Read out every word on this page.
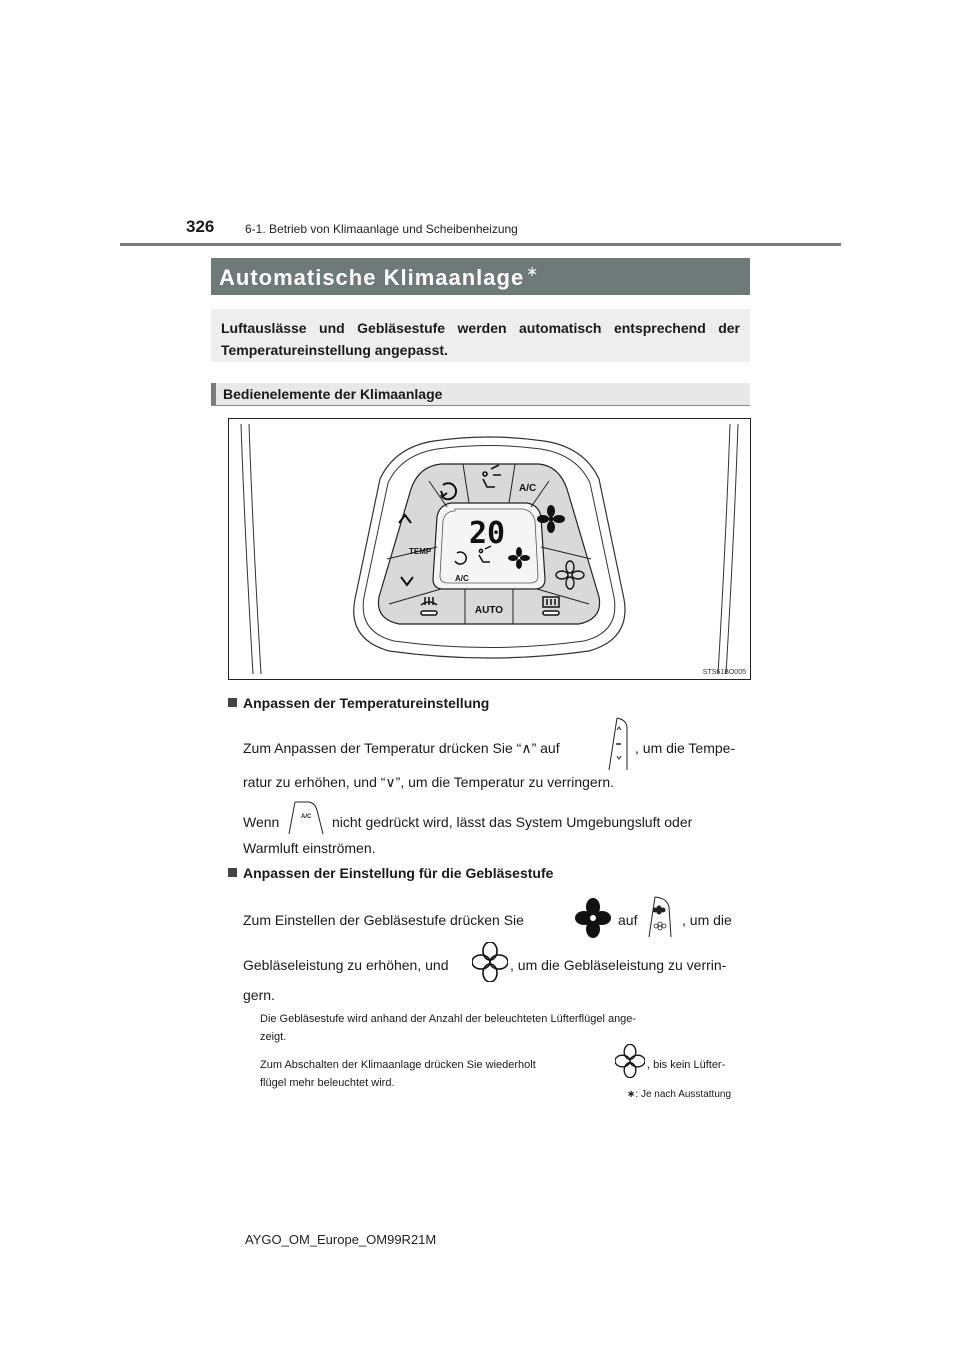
326	6-1. Betrieb von Klimaanlage und Scheibenheizung
Automatische Klimaanlage ∗

Luftauslässe und Gebläsestufe werden automatisch entsprechend der Temperatureinstellung angepasst.

Bedienelemente der Klimaanlage
20
TEMP
A/C
AUTO
A/C
STS61BO005
Anpassen der Temperatureinstellung
Zum Anpassen der Temperatur drücken Sie “∧” auf	, um die Tempe-
ratur zu erhöhen, und “∨”, um die Temperatur zu verringern.
Wenn	A/C nicht gedrückt wird, lässt das System Umgebungsluft oder
Warmluft einströmen.
Anpassen der Einstellung für die Gebläsestufe
Zum Einstellen der Gebläsestufe drücken Sie	auf	, um die
Gebläseleistung zu erhöhen, und	, um die Gebläseleistung zu verrin-
gern.
Die Gebläsestufe wird anhand der Anzahl der beleuchteten Lüfterflügel ange-
zeigt.
Zum Abschalten der Klimaanlage drücken Sie wiederholt	, bis kein Lüfter-
flügel mehr beleuchtet wird.
∗: Je nach Ausstattung
AYGO_OM_Europe_OM99R21M
